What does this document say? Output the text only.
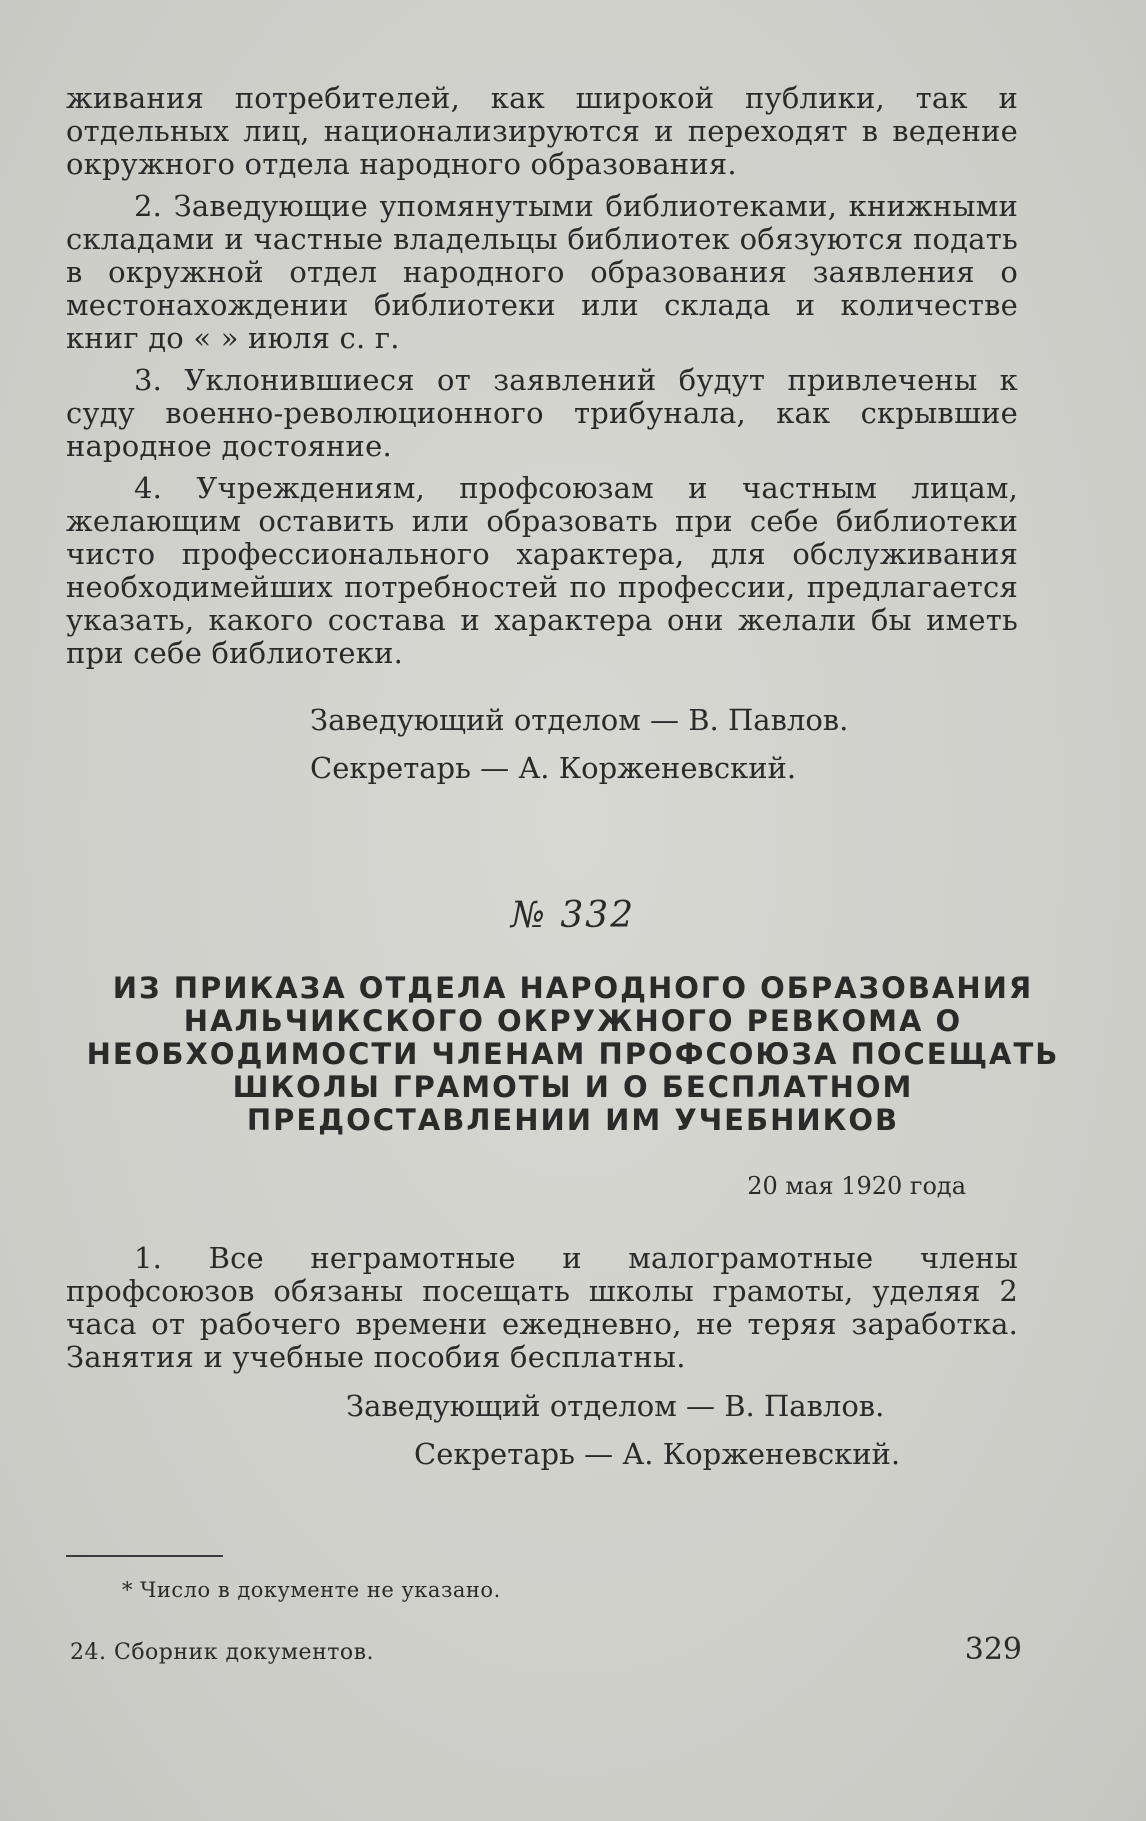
живания потребителей, как широкой публики, так и отдельных лиц, национализируются и переходят в ведение окружного отдела народного образования.

2. Заведующие упомянутыми библиотеками, книжными складами и частные владельцы библиотек обязуются подать в окружной отдел народного образования заявления о местонахождении библиотеки или склада и количестве книг до « » июля с. г.

3. Уклонившиеся от заявлений будут привлечены к суду военно-революционного трибунала, как скрывшие народное достояние.

4. Учреждениям, профсоюзам и частным лицам, желающим оставить или образовать при себе библиотеки чисто профессионального характера, для обслуживания необходимейших потребностей по профессии, предлагается указать, какого состава и характера они желали бы иметь при себе библиотеки.

Заведующий отделом — В. Павлов.
Секретарь — А. Корженевский.
№ 332
ИЗ ПРИКАЗА ОТДЕЛА НАРОДНОГО ОБРАЗОВАНИЯ
НАЛЬЧИКСКОГО ОКРУЖНОГО РЕВКОМА О
НЕОБХОДИМОСТИ ЧЛЕНАМ ПРОФСОЮЗА ПОСЕЩАТЬ
ШКОЛЫ ГРАМОТЫ И О БЕСПЛАТНОМ
ПРЕДОСТАВЛЕНИИ ИМ УЧЕБНИКОВ
20 мая 1920 года

1. Все неграмотные и малограмотные члены профсоюзов обязаны посещать школы грамоты, уделяя 2 часа от рабочего времени ежедневно, не теряя заработка. Занятия и учебные пособия бесплатны.

Заведующий отделом — В. Павлов.
Секретарь — А. Корженевский.
* Число в документе не указано.
24. Сборник документов.	329
